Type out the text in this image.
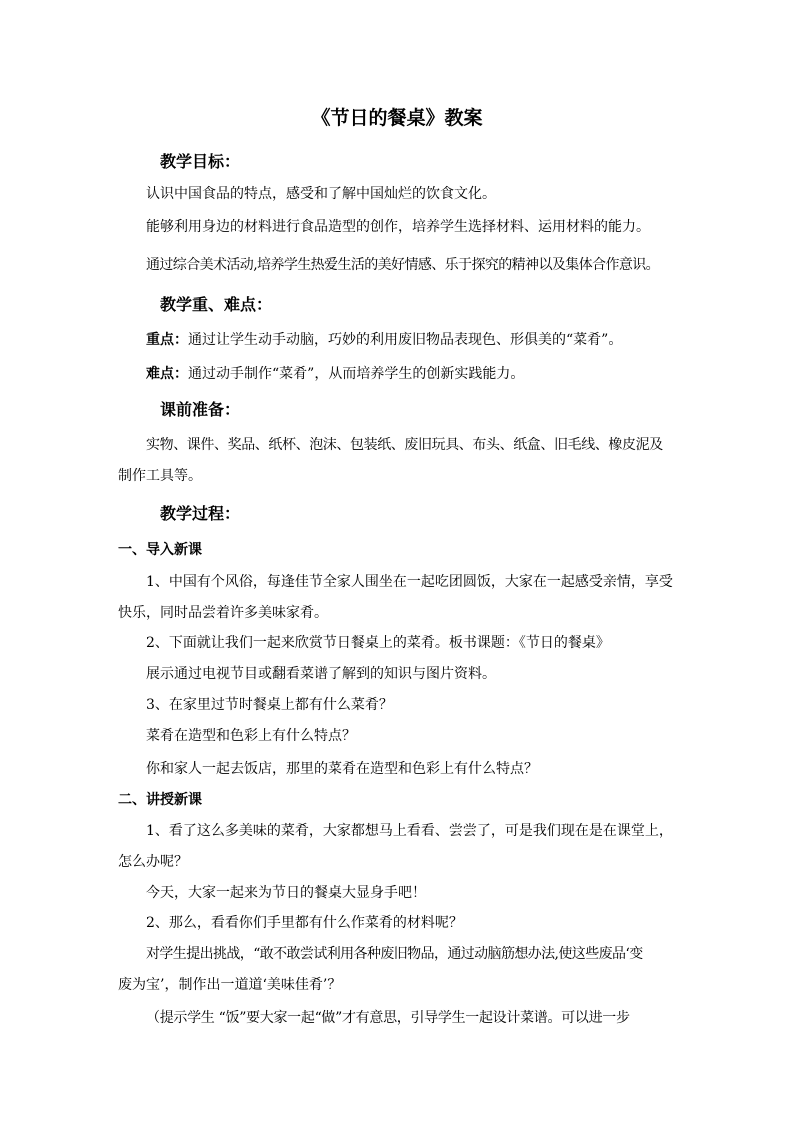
《节日的餐桌》教案
教学目标：
认识中国食品的特点，感受和了解中国灿烂的饮食文化。
能够利用身边的材料进行食品造型的创作，培养学生选择材料、运用材料的能力。
通过综合美术活动,培养学生热爱生活的美好情感、乐于探究的精神以及集体合作意识。
教学重、难点：
重点：通过让学生动手动脑，巧妙的利用废旧物品表现色、形俱美的“菜肴”。
难点：通过动手制作“菜肴”，从而培养学生的创新实践能力。
课前准备：
实物、课件、奖品、纸杯、泡沫、包装纸、废旧玩具、布头、纸盒、旧毛线、橡皮泥及
制作工具等。
教学过程：
一、导入新课
1、中国有个风俗，每逢佳节全家人围坐在一起吃团圆饭，大家在一起感受亲情，享受
快乐，同时品尝着许多美味家肴。
2、下面就让我们一起来欣赏节日餐桌上的菜肴。板书课题：《节日的餐桌》
展示通过电视节目或翻看菜谱了解到的知识与图片资料。
3、在家里过节时餐桌上都有什么菜肴？
菜肴在造型和色彩上有什么特点？
你和家人一起去饭店，那里的菜肴在造型和色彩上有什么特点？
二、讲授新课
1、看了这么多美味的菜肴，大家都想马上看看、尝尝了，可是我们现在是在课堂上，
怎么办呢？
今天，大家一起来为节日的餐桌大显身手吧！
2、那么，看看你们手里都有什么作菜肴的材料呢？
对学生提出挑战，“敢不敢尝试利用各种废旧物品，通过动脑筋想办法,使这些废品‘变
废为宝’，制作出一道道‘美味佳肴’？
（提示学生 “饭”要大家一起“做”才有意思，引导学生一起设计菜谱。可以进一步
